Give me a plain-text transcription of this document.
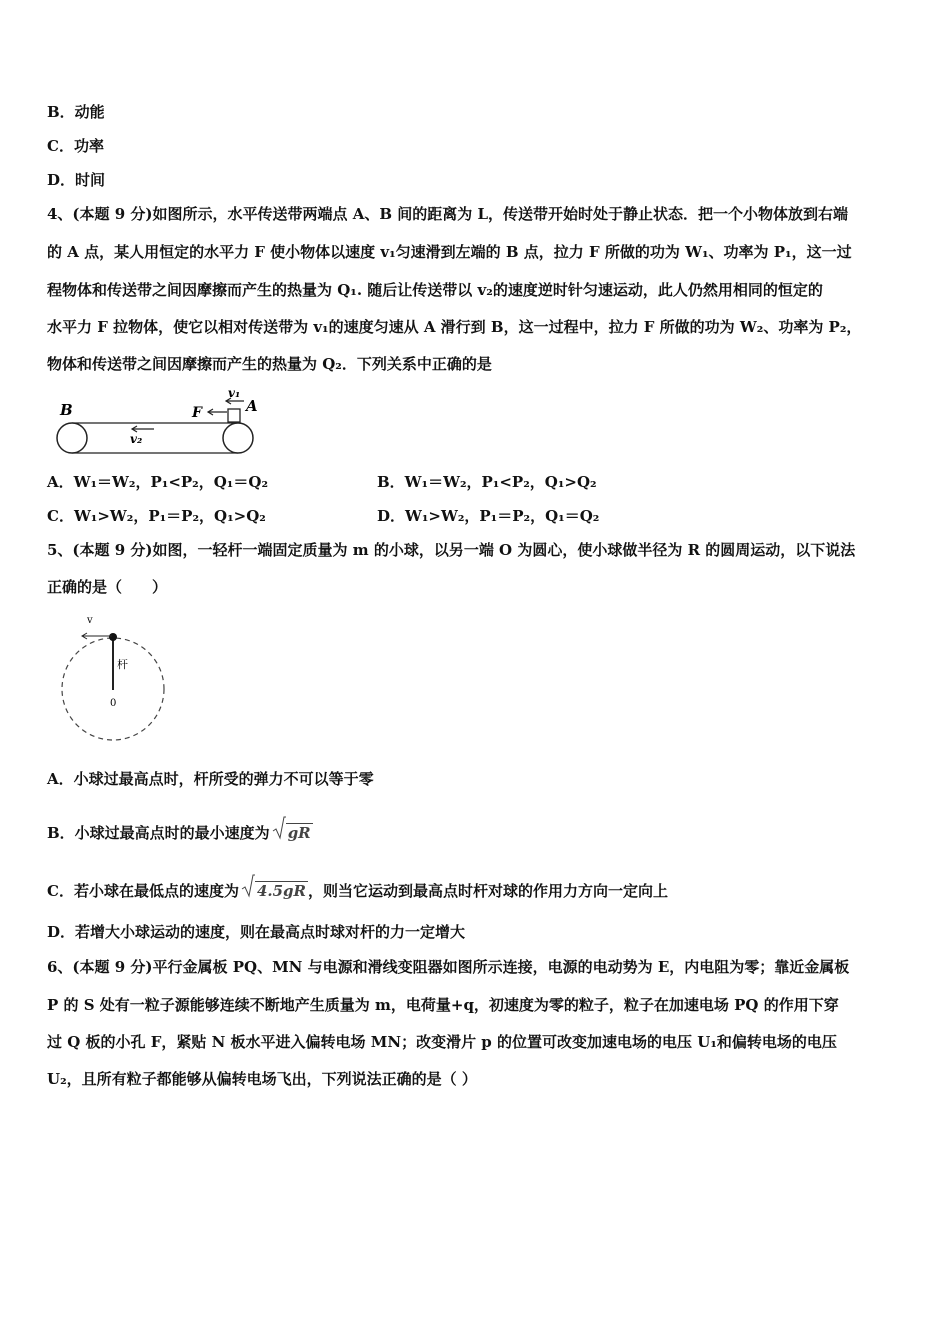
B．动能
C．功率
D．时间
4、(本题 9 分)如图所示，水平传送带两端点 A、B 间的距离为 L，传送带开始时处于静止状态．把一个小物体放到右端
的 A 点，某人用恒定的水平力 F 使小物体以速度 v₁匀速滑到左端的 B 点，拉力 F 所做的功为 W₁、功率为 P₁，这一过
程物体和传送带之间因摩擦而产生的热量为 Q₁. 随后让传送带以 v₂的速度逆时针匀速运动，此人仍然用相同的恒定的
水平力 F 拉物体，使它以相对传送带为 v₁的速度匀速从 A 滑行到 B，这一过程中，拉力 F 所做的功为 W₂、功率为 P₂，
物体和传送带之间因摩擦而产生的热量为 Q₂．下列关系中正确的是
B	F	A
v₁
v₂
A．W₁＝W₂，P₁<P₂，Q₁＝Q₂	B．W₁＝W₂，P₁<P₂，Q₁>Q₂
C．W₁>W₂，P₁＝P₂，Q₁>Q₂	D．W₁>W₂，P₁＝P₂，Q₁＝Q₂
5、(本题 9 分)如图，一轻杆一端固定质量为 m 的小球，以另一端 O 为圆心，使小球做半径为 R 的圆周运动，以下说法
正确的是（　　）
v
杆
0
A．小球过最高点时，杆所受的弹力不可以等于零
B．小球过最高点时的最小速度为 gR
C．若小球在最低点的速度为 4.5gR ，则当它运动到最高点时杆对球的作用力方向一定向上
D．若增大小球运动的速度，则在最高点时球对杆的力一定增大
6、(本题 9 分)平行金属板 PQ、MN 与电源和滑线变阻器如图所示连接，电源的电动势为 E，内电阻为零；靠近金属板
P 的 S 处有一粒子源能够连续不断地产生质量为 m，电荷量+q，初速度为零的粒子，粒子在加速电场 PQ 的作用下穿
过 Q 板的小孔 F，紧贴 N 板水平进入偏转电场 MN；改变滑片 p 的位置可改变加速电场的电压 U₁和偏转电场的电压
U₂，且所有粒子都能够从偏转电场飞出，下列说法正确的是（ ）
